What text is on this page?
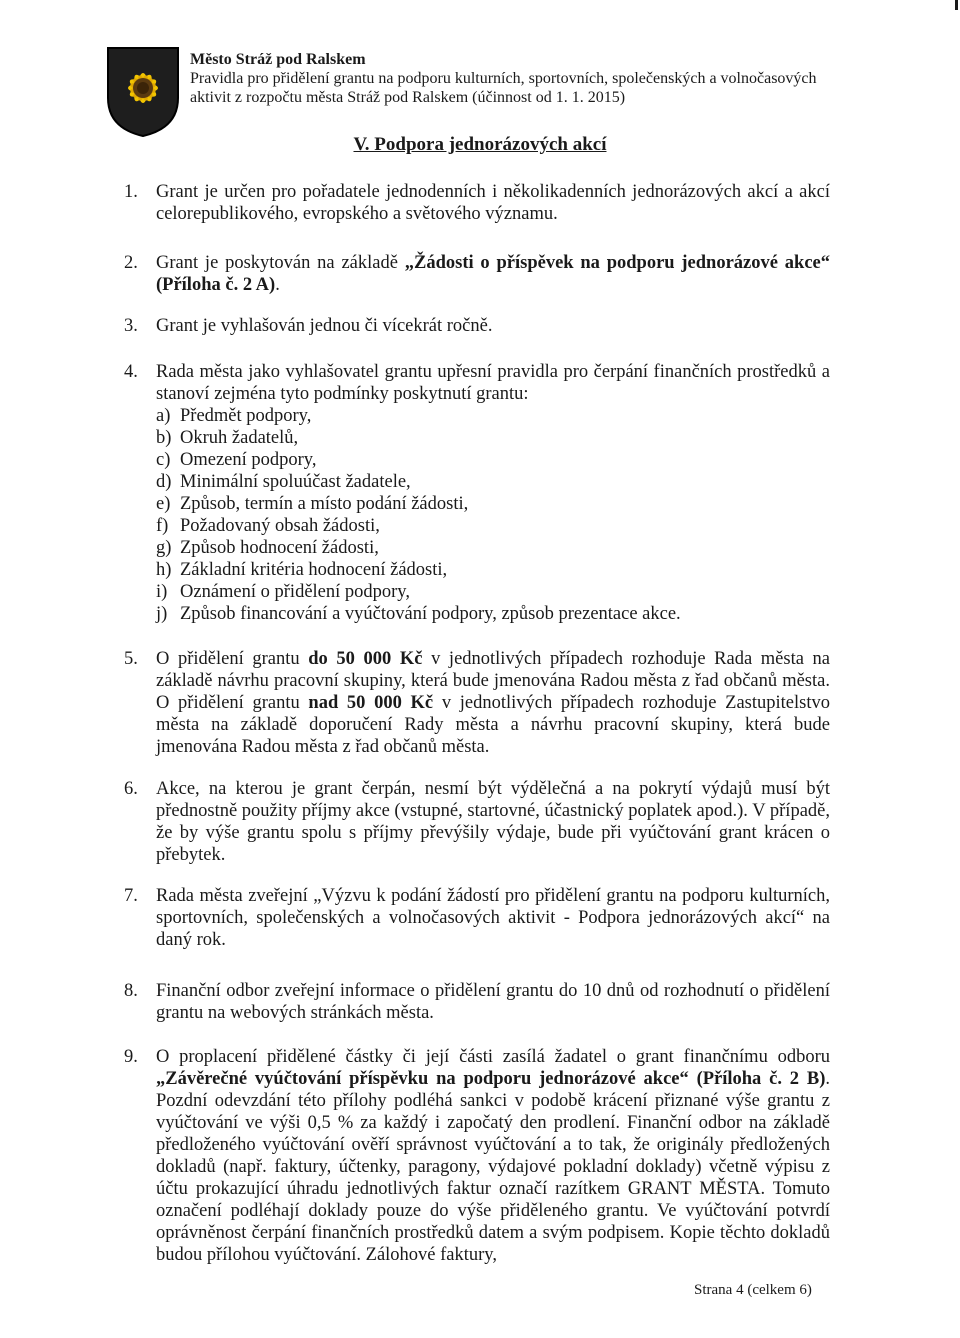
Město Stráž pod Ralskem
Pravidla pro přidělení grantu na podporu kulturních, sportovních, společenských a volnočasových
aktivit z rozpočtu města Stráž pod Ralskem (účinnost od 1. 1. 2015)
V. Podpora jednorázových akcí
1. Grant je určen pro pořadatele jednodenních i několikadenních jednorázových akcí a akcí celorepublikového, evropského a světového významu.
2. Grant je poskytován na základě „Žádosti o příspěvek na podporu jednorázové akce“ (Příloha č. 2 A).
3. Grant je vyhlašován jednou či vícekrát ročně.
4. Rada města jako vyhlašovatel grantu upřesní pravidla pro čerpání finančních prostředků a stanoví zejména tyto podmínky poskytnutí grantu:
a) Předmět podpory,
b) Okruh žadatelů,
c) Omezení podpory,
d) Minimální spoluúčast žadatele,
e) Způsob, termín a místo podání žádosti,
f) Požadovaný obsah žádosti,
g) Způsob hodnocení žádosti,
h) Základní kritéria hodnocení žádosti,
i) Oznámení o přidělení podpory,
j) Způsob financování a vyúčtování podpory, způsob prezentace akce.
5. O přidělení grantu do 50 000 Kč v jednotlivých případech rozhoduje Rada města na základě návrhu pracovní skupiny, která bude jmenována Radou města z řad občanů města. O přidělení grantu nad 50 000 Kč v jednotlivých případech rozhoduje Zastupitelstvo města na základě doporučení Rady města a návrhu pracovní skupiny, která bude jmenována Radou města z řad občanů města.
6. Akce, na kterou je grant čerpán, nesmí být výdělečná a na pokrytí výdajů musí být přednostně použity příjmy akce (vstupné, startovné, účastnický poplatek apod.). V případě, že by výše grantu spolu s příjmy převýšily výdaje, bude při vyúčtování grant krácen o přebytek.
7. Rada města zveřejní „Výzvu k podání žádostí pro přidělení grantu na podporu kulturních, sportovních, společenských a volnočasových aktivit - Podpora jednorázových akcí“ na daný rok.
8. Finanční odbor zveřejní informace o přidělení grantu do 10 dnů od rozhodnutí o přidělení grantu na webových stránkách města.
9. O proplacení přidělené částky či její části zasílá žadatel o grant finančnímu odboru „Závěrečné vyúčtování příspěvku na podporu jednorázové akce“ (Příloha č. 2 B). Pozdní odevzdání této přílohy podléhá sankci v podobě krácení přiznané výše grantu z vyúčtování ve výši 0,5 % za každý i započatý den prodlení. Finanční odbor na základě předloženého vyúčtování ověří správnost vyúčtování a to tak, že originály předložených dokladů (např. faktury, účtenky, paragony, výdajové pokladní doklady) včetně výpisu z účtu prokazující úhradu jednotlivých faktur označí razítkem GRANT MĚSTA. Tomuto označení podléhají doklady pouze do výše přiděleného grantu. Ve vyúčtování potvrdí oprávněnost čerpání finančních prostředků datem a svým podpisem. Kopie těchto dokladů budou přílohou vyúčtování. Zálohové faktury,
Strana 4 (celkem 6)
